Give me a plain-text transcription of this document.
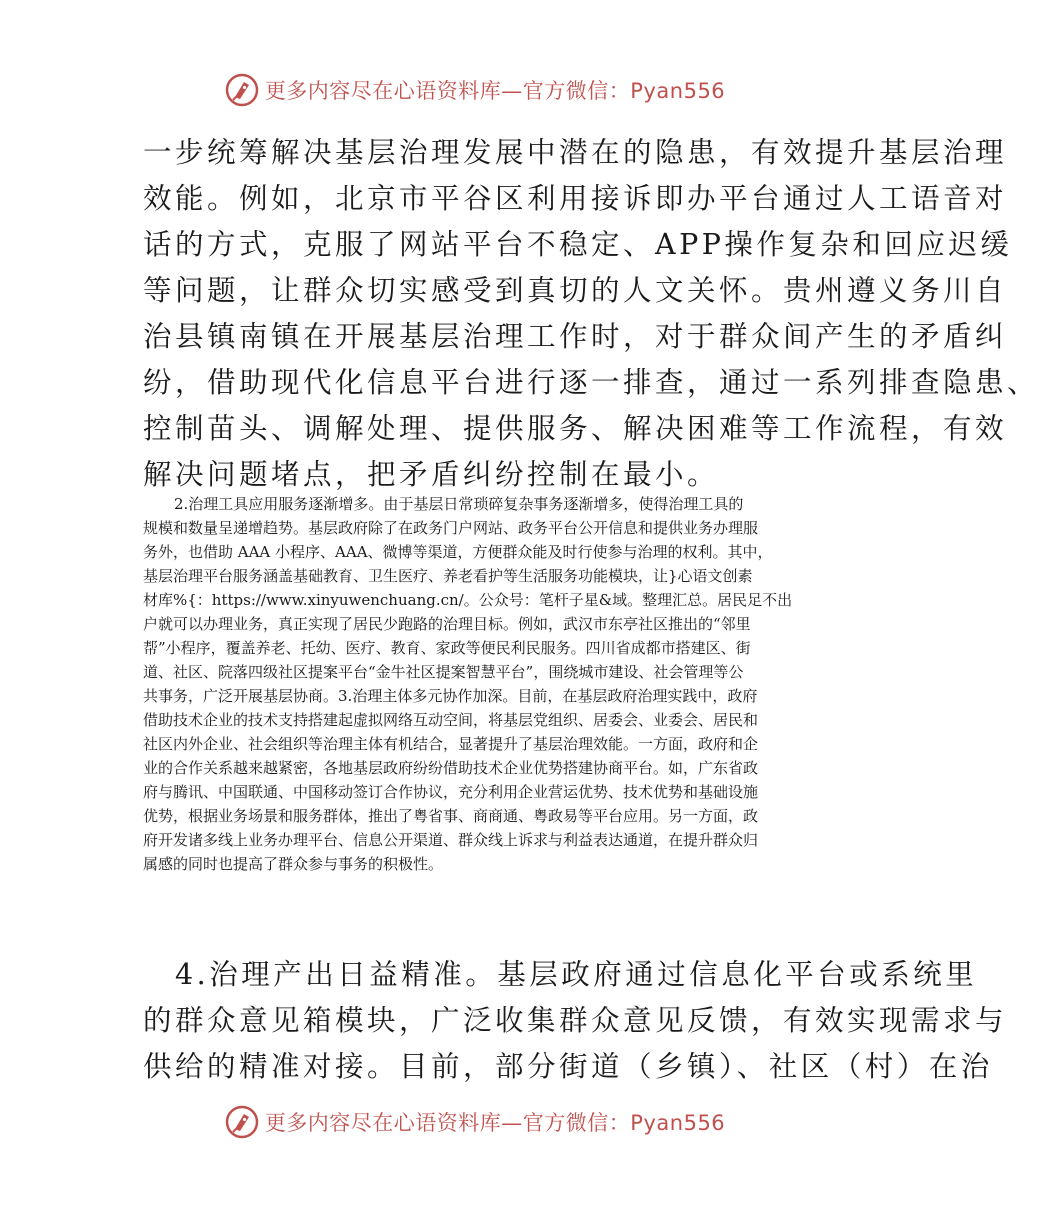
更多内容尽在心语资料库—官方微信：Pyan556
一步统筹解决基层治理发展中潜在的隐患，有效提升基层治理
效能。例如，北京市平谷区利用接诉即办平台通过人工语音对
话的方式，克服了网站平台不稳定、APP操作复杂和回应迟缓
等问题，让群众切实感受到真切的人文关怀。贵州遵义务川自
治县镇南镇在开展基层治理工作时，对于群众间产生的矛盾纠
纷，借助现代化信息平台进行逐一排查，通过一系列排查隐患、
控制苗头、调解处理、提供服务、解决困难等工作流程，有效
解决问题堵点，把矛盾纠纷控制在最小。
2.治理工具应用服务逐渐增多。由于基层日常琐碎复杂事务逐渐增多，使得治理工具的
规模和数量呈递增趋势。基层政府除了在政务门户网站、政务平台公开信息和提供业务办理服
务外，也借助 AAA 小程序、AAA、微博等渠道，方便群众能及时行使参与治理的权利。其中，
基层治理平台服务涵盖基础教育、卫生医疗、养老看护等生活服务功能模块，让}心语文创素
材库%{：https://www.xinyuwenchuang.cn/。公众号：笔杆子星&域。整理汇总。居民足不出
户就可以办理业务，真正实现了居民少跑路的治理目标。例如，武汉市东亭社区推出的“邻里
帮”小程序，覆盖养老、托幼、医疗、教育、家政等便民利民服务。四川省成都市搭建区、街
道、社区、院落四级社区提案平台“金牛社区提案智慧平台”，围绕城市建设、社会管理等公
共事务，广泛开展基层协商。3.治理主体多元协作加深。目前，在基层政府治理实践中，政府
借助技术企业的技术支持搭建起虚拟网络互动空间，将基层党组织、居委会、业委会、居民和
社区内外企业、社会组织等治理主体有机结合，显著提升了基层治理效能。一方面，政府和企
业的合作关系越来越紧密，各地基层政府纷纷借助技术企业优势搭建协商平台。如，广东省政
府与腾讯、中国联通、中国移动签订合作协议，充分利用企业营运优势、技术优势和基础设施
优势，根据业务场景和服务群体，推出了粤省事、商商通、粤政易等平台应用。另一方面，政
府开发诸多线上业务办理平台、信息公开渠道、群众线上诉求与利益表达通道，在提升群众归
属感的同时也提高了群众参与事务的积极性。
　4.治理产出日益精准。基层政府通过信息化平台或系统里
的群众意见箱模块，广泛收集群众意见反馈，有效实现需求与
供给的精准对接。目前，部分街道（乡镇）、社区（村）在治
更多内容尽在心语资料库—官方微信：Pyan556
